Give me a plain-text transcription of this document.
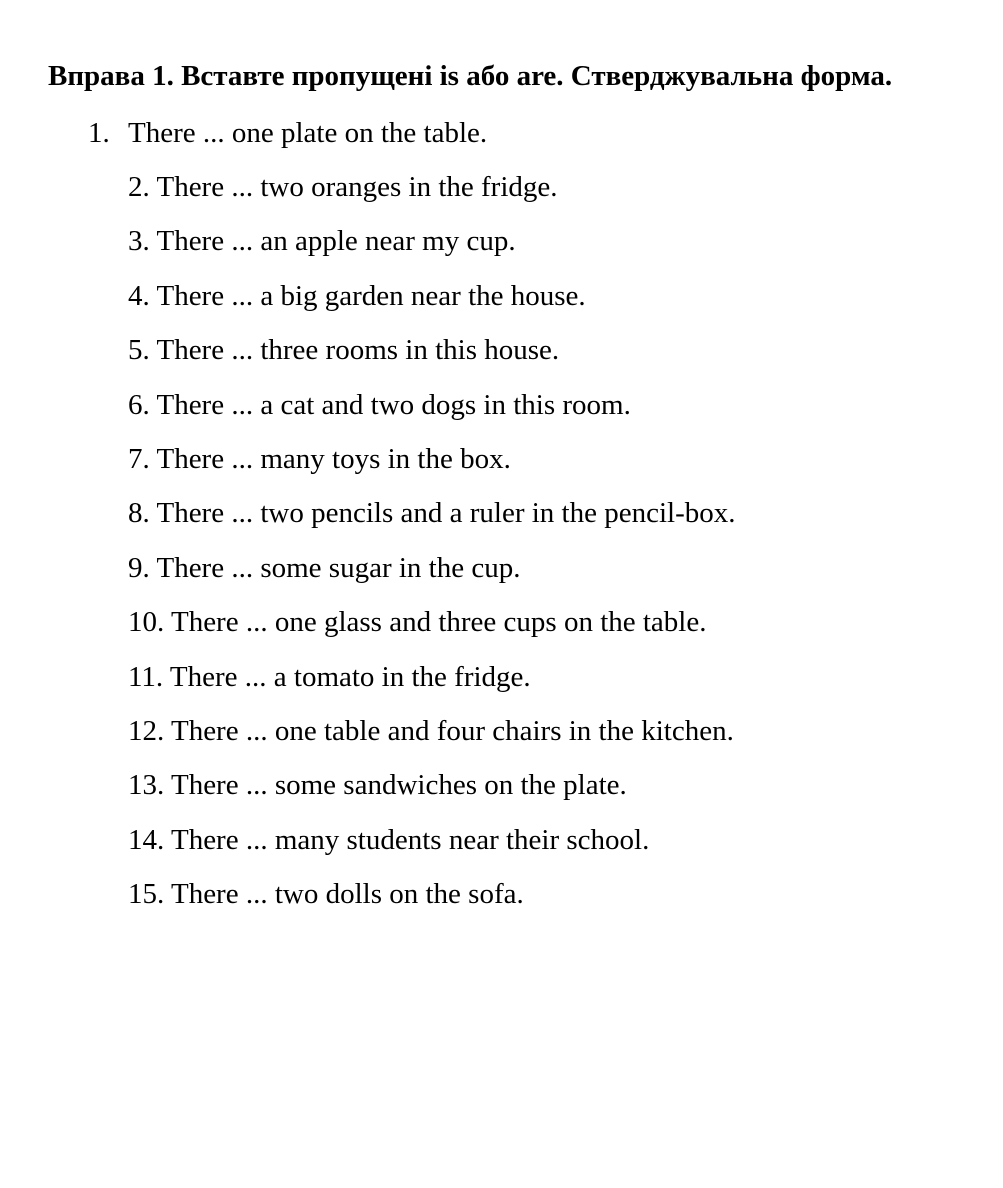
Вправа 1. Вставте пропущені is або are. Стверджувальна форма.
1. There ... one plate on the table.
2. There ... two oranges in the fridge.
3. There ... an apple near my cup.
4. There ... a big garden near the house.
5. There ... three rooms in this house.
6. There ... a cat and two dogs in this room.
7. There ... many toys in the box.
8. There ... two pencils and a ruler in the pencil-box.
9. There ... some sugar in the cup.
10. There ... one glass and three cups on the table.
11. There ... a tomato in the fridge.
12. There ... one table and four chairs in the kitchen.
13. There ... some sandwiches on the plate.
14. There ... many students near their school.
15. There ... two dolls on the sofa.
